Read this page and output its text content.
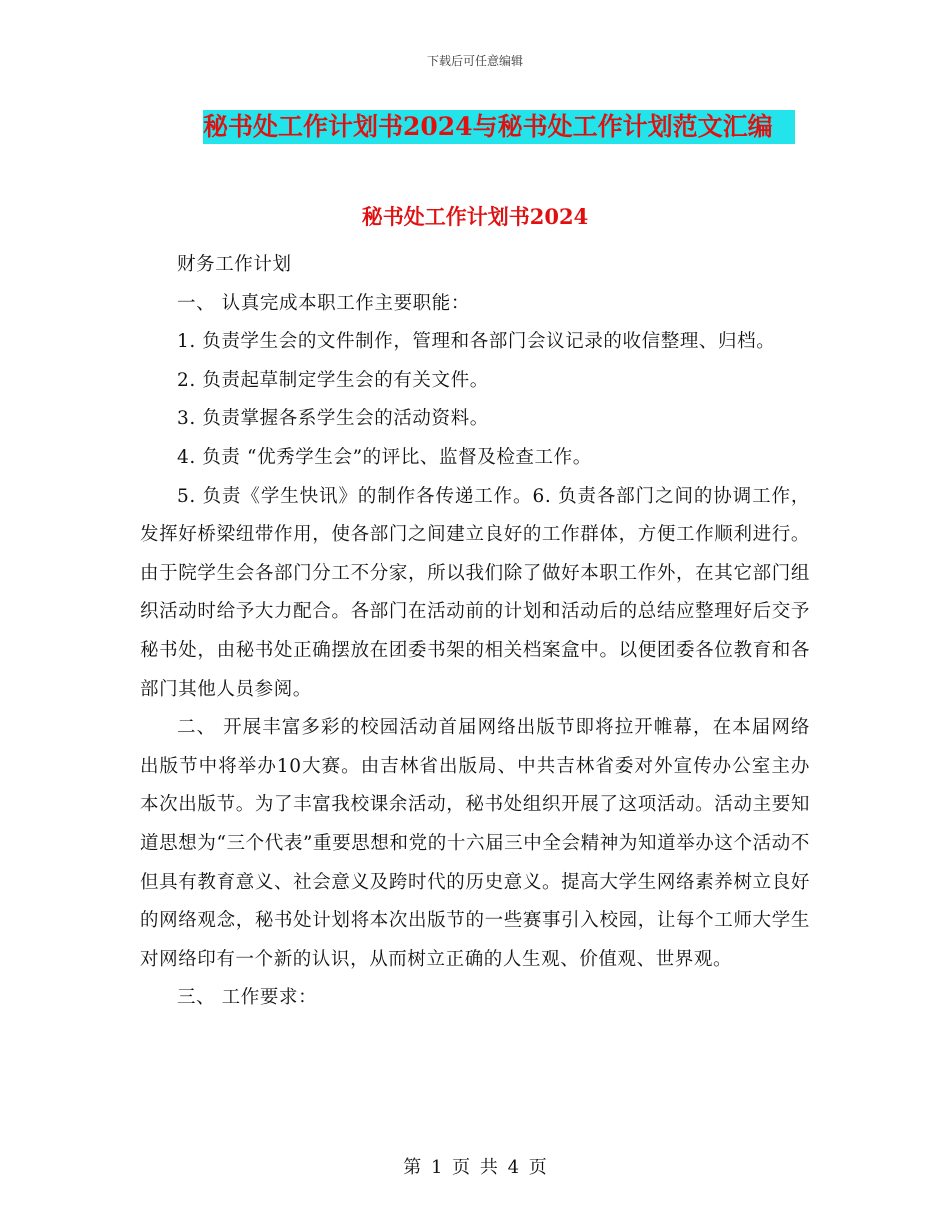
下载后可任意编辑
秘书处工作计划书2024与秘书处工作计划范文汇编
秘书处工作计划书2024

财务工作计划

一、 认真完成本职工作主要职能：

1. 负责学生会的文件制作，管理和各部门会议记录的收信整理、归档。

2. 负责起草制定学生会的有关文件。

3. 负责掌握各系学生会的活动资料。

4. 负责 “优秀学生会”的评比、监督及检查工作。

5. 负责《学生快讯》的制作各传递工作。6. 负责各部门之间的协调工作，发挥好桥梁纽带作用，使各部门之间建立良好的工作群体，方便工作顺利进行。由于院学生会各部门分工不分家，所以我们除了做好本职工作外，在其它部门组织活动时给予大力配合。各部门在活动前的计划和活动后的总结应整理好后交予秘书处，由秘书处正确摆放在团委书架的相关档案盒中。以便团委各位教育和各部门其他人员参阅。

二、 开展丰富多彩的校园活动首届网络出版节即将拉开帷幕，在本届网络出版节中将举办10大赛。由吉林省出版局、中共吉林省委对外宣传办公室主办本次出版节。为了丰富我校课余活动，秘书处组织开展了这项活动。活动主要知道思想为“三个代表”重要思想和党的十六届三中全会精神为知道举办这个活动不但具有教育意义、社会意义及跨时代的历史意义。提高大学生网络素养树立良好的网络观念，秘书处计划将本次出版节的一些赛事引入校园，让每个工师大学生对网络印有一个新的认识，从而树立正确的人生观、价值观、世界观。

三、 工作要求：

第 1 页 共 4 页
